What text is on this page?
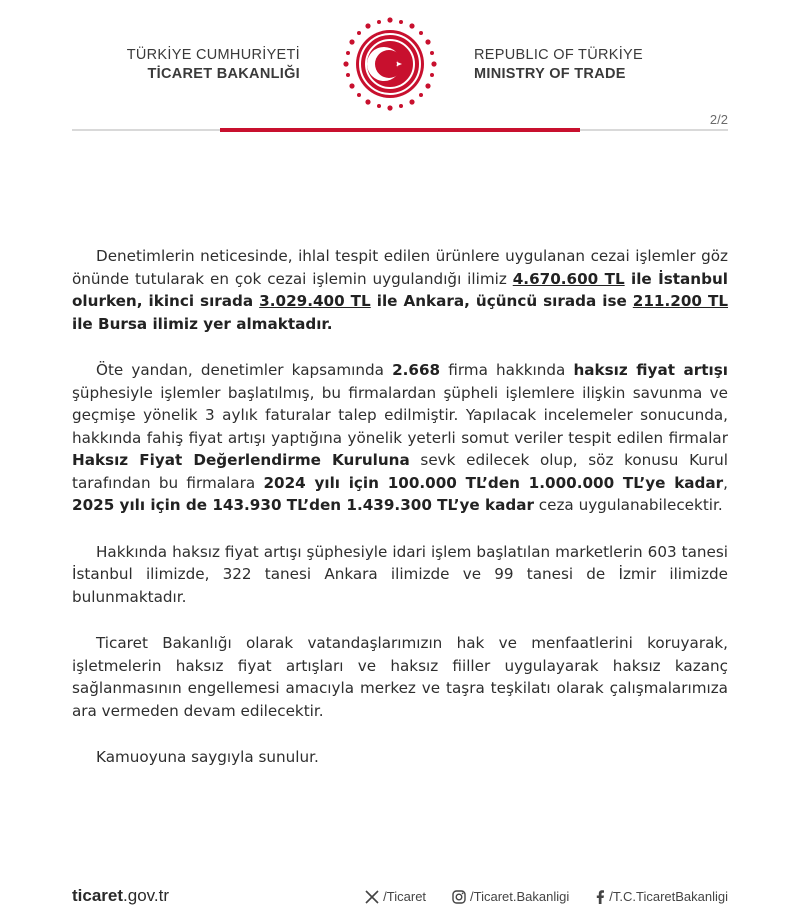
TÜRKİYE CUMHURİYETİ
TİCARET BAKANLIĞI
REPUBLIC OF TÜRKİYE
MINISTRY OF TRADE
2/2

Denetimlerin neticesinde, ihlal tespit edilen ürünlere uygulanan cezai işlemler göz önünde tutularak en çok cezai işlemin uygulandığı ilimiz 4.670.600 TL ile İstanbul olurken, ikinci sırada 3.029.400 TL ile Ankara, üçüncü sırada ise 211.200 TL ile Bursa ilimiz yer almaktadır.

Öte yandan, denetimler kapsamında 2.668 firma hakkında haksız fiyat artışı şüphesiyle işlemler başlatılmış, bu firmalardan şüpheli işlemlere ilişkin savunma ve geçmişe yönelik 3 aylık faturalar talep edilmiştir. Yapılacak incelemeler sonucunda, hakkında fahiş fiyat artışı yaptığına yönelik yeterli somut veriler tespit edilen firmalar Haksız Fiyat Değerlendirme Kuruluna sevk edilecek olup, söz konusu Kurul tarafından bu firmalara 2024 yılı için 100.000 TL’den 1.000.000 TL’ye kadar, 2025 yılı için de 143.930 TL’den 1.439.300 TL’ye kadar ceza uygulanabilecektir.

Hakkında haksız fiyat artışı şüphesiyle idari işlem başlatılan marketlerin 603 tanesi İstanbul ilimizde, 322 tanesi Ankara ilimizde ve 99 tanesi de İzmir ilimizde bulunmaktadır.

Ticaret Bakanlığı olarak vatandaşlarımızın hak ve menfaatlerini koruyarak, işletmelerin haksız fiyat artışları ve haksız fiiller uygulayarak haksız kazanç sağlanmasının engellemesi amacıyla merkez ve taşra teşkilatı olarak çalışmalarımıza ara vermeden devam edilecektir.

Kamuoyuna saygıyla sunulur.

ticaret.gov.tr	/Ticaret	/Ticaret.Bakanligi	/T.C.TicaretBakanligi
